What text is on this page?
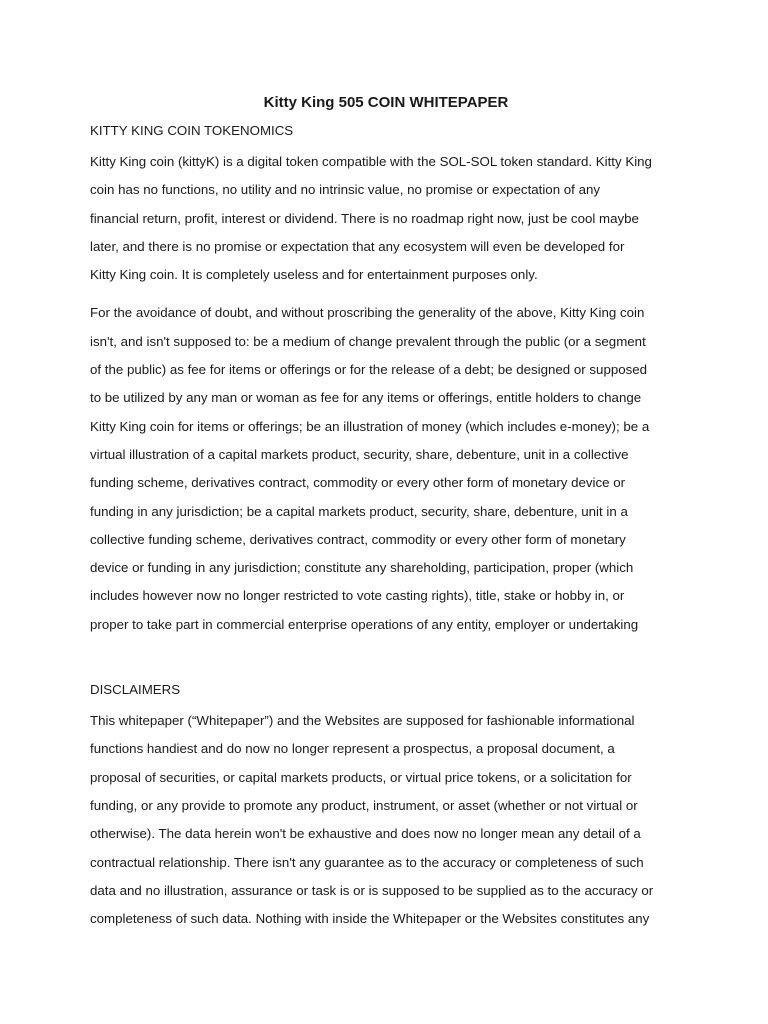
Kitty King 505 COIN WHITEPAPER
KITTY KING COIN TOKENOMICS

Kitty King coin (kittyK) is a digital token compatible with the SOL-SOL token standard. Kitty King
coin has no functions, no utility and no intrinsic value, no promise or expectation of any
financial return, profit, interest or dividend. There is no roadmap right now, just be cool maybe
later, and there is no promise or expectation that any ecosystem will even be developed for
Kitty King coin. It is completely useless and for entertainment purposes only.

For the avoidance of doubt, and without proscribing the generality of the above, Kitty King coin
isn't, and isn't supposed to: be a medium of change prevalent through the public (or a segment
of the public) as fee for items or offerings or for the release of a debt; be designed or supposed
to be utilized by any man or woman as fee for any items or offerings, entitle holders to change
Kitty King coin for items or offerings; be an illustration of money (which includes e-money); be a
virtual illustration of a capital markets product, security, share, debenture, unit in a collective
funding scheme, derivatives contract, commodity or every other form of monetary device or
funding in any jurisdiction; be a capital markets product, security, share, debenture, unit in a
collective funding scheme, derivatives contract, commodity or every other form of monetary
device or funding in any jurisdiction; constitute any shareholding, participation, proper (which
includes however now no longer restricted to vote casting rights), title, stake or hobby in, or
proper to take part in commercial enterprise operations of any entity, employer or undertaking

DISCLAIMERS

This whitepaper (“Whitepaper”) and the Websites are supposed for fashionable informational
functions handiest and do now no longer represent a prospectus, a proposal document, a
proposal of securities, or capital markets products, or virtual price tokens, or a solicitation for
funding, or any provide to promote any product, instrument, or asset (whether or not virtual or
otherwise). The data herein won't be exhaustive and does now no longer mean any detail of a
contractual relationship. There isn't any guarantee as to the accuracy or completeness of such
data and no illustration, assurance or task is or is supposed to be supplied as to the accuracy or
completeness of such data. Nothing with inside the Whitepaper or the Websites constitutes any
